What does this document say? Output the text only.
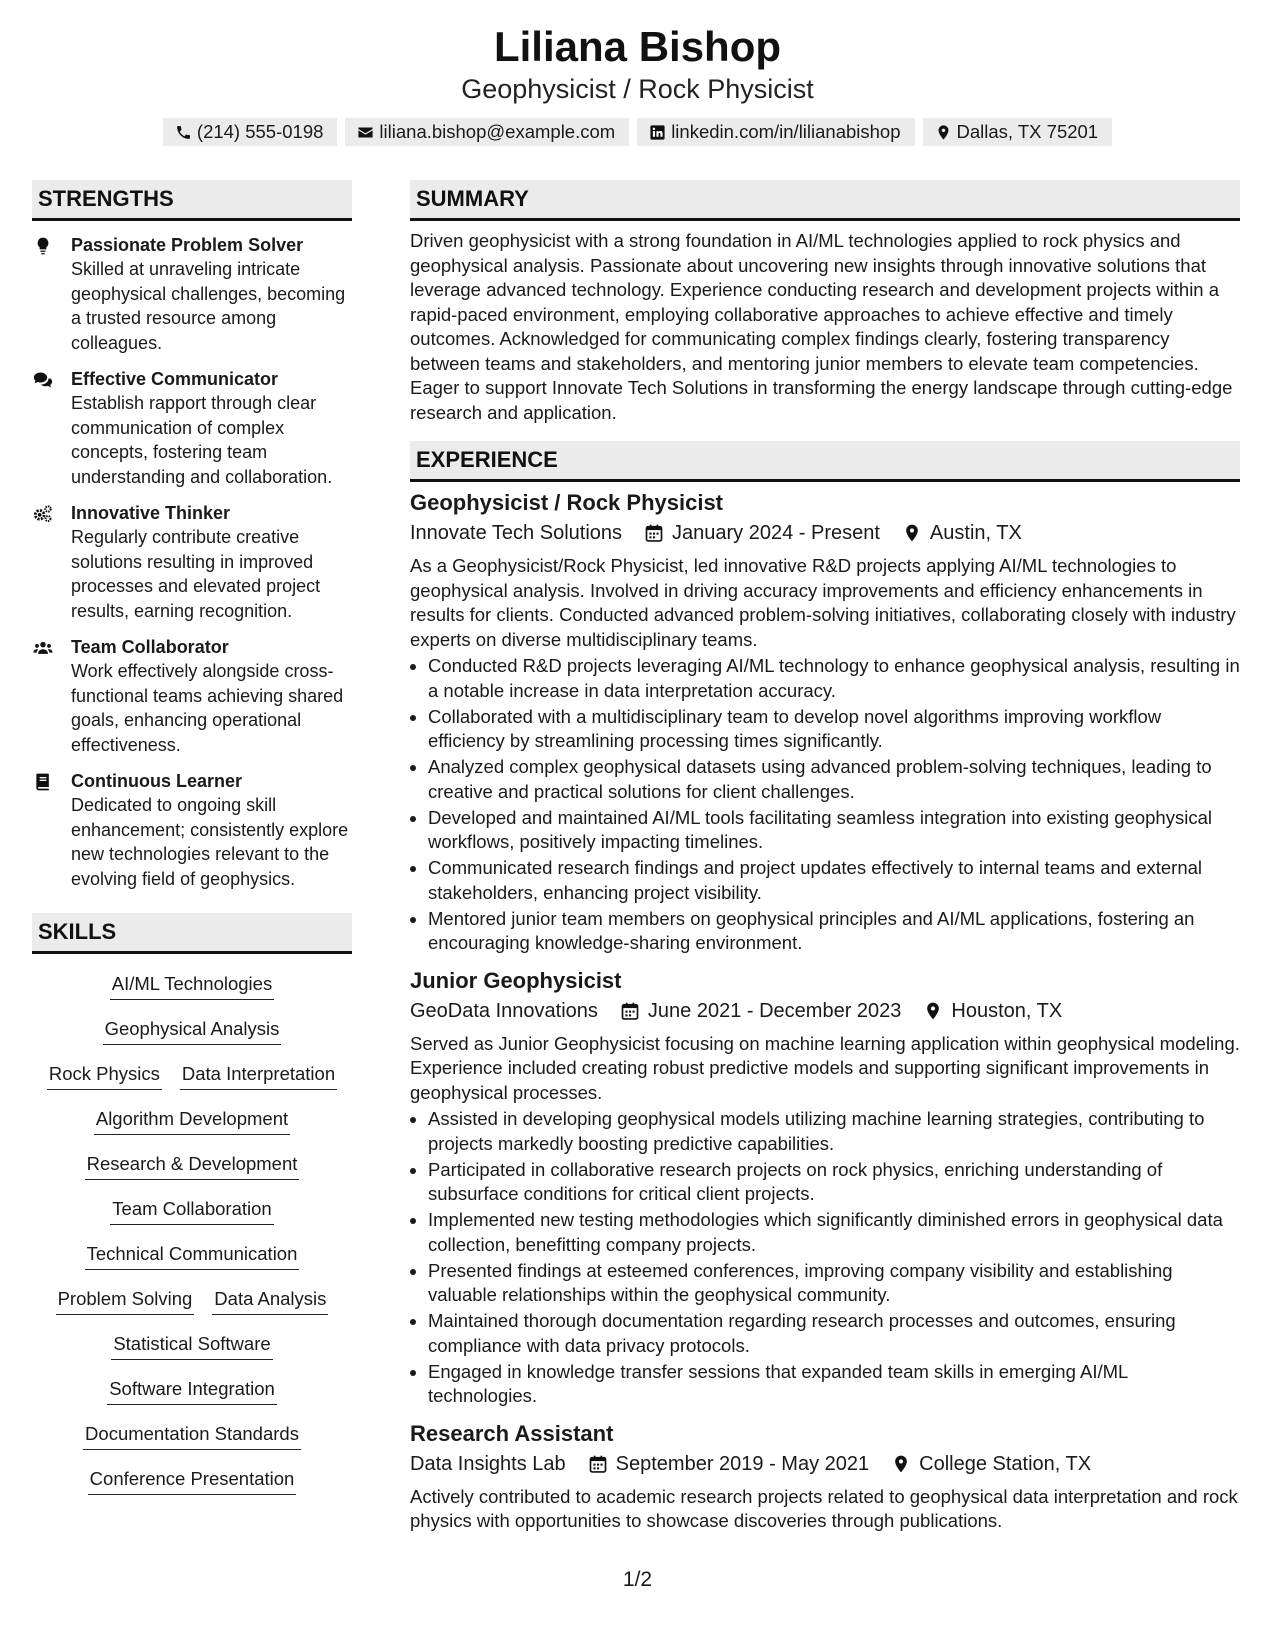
Liliana Bishop
Geophysicist / Rock Physicist
(214) 555-0198	liliana.bishop@example.com	linkedin.com/in/lilianabishop	Dallas, TX 75201
STRENGTHS
Passionate Problem Solver
Skilled at unraveling intricate geophysical challenges, becoming a trusted resource among colleagues.
Effective Communicator
Establish rapport through clear communication of complex concepts, fostering team understanding and collaboration.
Innovative Thinker
Regularly contribute creative solutions resulting in improved processes and elevated project results, earning recognition.
Team Collaborator
Work effectively alongside cross-functional teams achieving shared goals, enhancing operational effectiveness.
Continuous Learner
Dedicated to ongoing skill enhancement; consistently explore new technologies relevant to the evolving field of geophysics.
SKILLS
AI/ML Technologies
Geophysical Analysis
Rock Physics Data Interpretation
Algorithm Development
Research & Development
Team Collaboration
Technical Communication
Problem Solving Data Analysis
Statistical Software
Software Integration
Documentation Standards
Conference Presentation
SUMMARY
Driven geophysicist with a strong foundation in AI/ML technologies applied to rock physics and geophysical analysis. Passionate about uncovering new insights through innovative solutions that leverage advanced technology. Experience conducting research and development projects within a rapid-paced environment, employing collaborative approaches to achieve effective and timely outcomes. Acknowledged for communicating complex findings clearly, fostering transparency between teams and stakeholders, and mentoring junior members to elevate team competencies. Eager to support Innovate Tech Solutions in transforming the energy landscape through cutting-edge research and application.
EXPERIENCE
Geophysicist / Rock Physicist
Innovate Tech Solutions	January 2024 - Present	Austin, TX
As a Geophysicist/Rock Physicist, led innovative R&D projects applying AI/ML technologies to geophysical analysis. Involved in driving accuracy improvements and efficiency enhancements in results for clients. Conducted advanced problem-solving initiatives, collaborating closely with industry experts on diverse multidisciplinary teams.
• Conducted R&D projects leveraging AI/ML technology to enhance geophysical analysis, resulting in a notable increase in data interpretation accuracy.
• Collaborated with a multidisciplinary team to develop novel algorithms improving workflow efficiency by streamlining processing times significantly.
• Analyzed complex geophysical datasets using advanced problem-solving techniques, leading to creative and practical solutions for client challenges.
• Developed and maintained AI/ML tools facilitating seamless integration into existing geophysical workflows, positively impacting timelines.
• Communicated research findings and project updates effectively to internal teams and external stakeholders, enhancing project visibility.
• Mentored junior team members on geophysical principles and AI/ML applications, fostering an encouraging knowledge-sharing environment.
Junior Geophysicist
GeoData Innovations	June 2021 - December 2023	Houston, TX
Served as Junior Geophysicist focusing on machine learning application within geophysical modeling. Experience included creating robust predictive models and supporting significant improvements in geophysical processes.
• Assisted in developing geophysical models utilizing machine learning strategies, contributing to projects markedly boosting predictive capabilities.
• Participated in collaborative research projects on rock physics, enriching understanding of subsurface conditions for critical client projects.
• Implemented new testing methodologies which significantly diminished errors in geophysical data collection, benefitting company projects.
• Presented findings at esteemed conferences, improving company visibility and establishing valuable relationships within the geophysical community.
• Maintained thorough documentation regarding research processes and outcomes, ensuring compliance with data privacy protocols.
• Engaged in knowledge transfer sessions that expanded team skills in emerging AI/ML technologies.
Research Assistant
Data Insights Lab	September 2019 - May 2021	College Station, TX
Actively contributed to academic research projects related to geophysical data interpretation and rock physics with opportunities to showcase discoveries through publications.
1/2
